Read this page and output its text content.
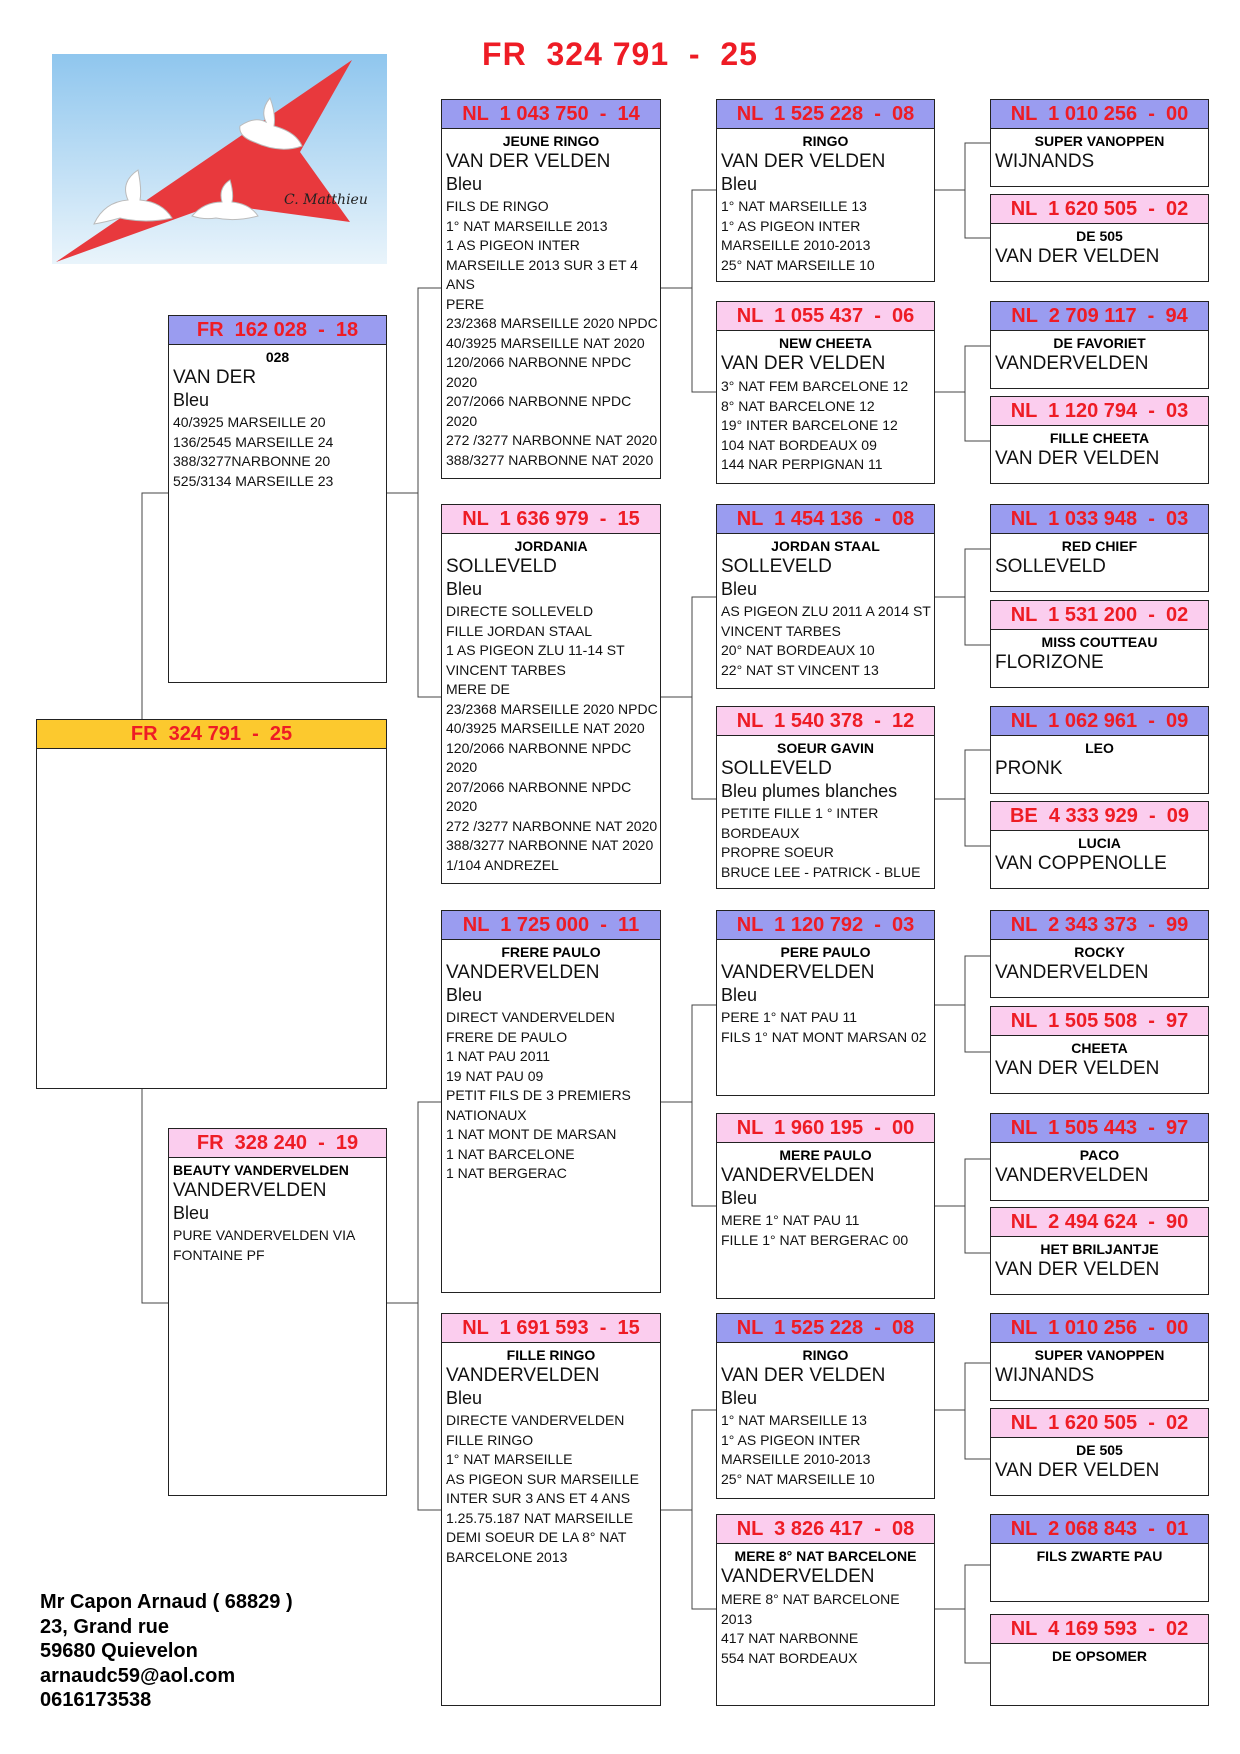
FR  324 791  -  25
C. Matthieu
FR  324 791  -  25
FR  162 028  -  18
028
VAN DER
Bleu
40/3925 MARSEILLE 20
136/2545 MARSEILLE 24
388/3277NARBONNE 20
525/3134 MARSEILLE 23
FR  328 240  -  19
BEAUTY VANDERVELDEN
VANDERVELDEN
Bleu
PURE VANDERVELDEN VIA
FONTAINE PF
NL  1 043 750  -  14
JEUNE RINGO
VAN DER VELDEN
Bleu
FILS DE RINGO
1° NAT MARSEILLE 2013
1 AS PIGEON INTER
MARSEILLE 2013 SUR 3 ET 4
ANS
PERE
23/2368 MARSEILLE 2020 NPDC
40/3925 MARSEILLE NAT 2020
120/2066 NARBONNE NPDC
2020
207/2066 NARBONNE NPDC
2020
272 /3277 NARBONNE NAT 2020
388/3277 NARBONNE NAT 2020
NL  1 636 979  -  15
JORDANIA
SOLLEVELD
Bleu
DIRECTE SOLLEVELD
FILLE JORDAN STAAL
1 AS PIGEON ZLU 11-14 ST
VINCENT TARBES
MERE DE
23/2368 MARSEILLE 2020 NPDC
40/3925 MARSEILLE NAT 2020
120/2066 NARBONNE NPDC
2020
207/2066 NARBONNE NPDC
2020
272 /3277 NARBONNE NAT 2020
388/3277 NARBONNE NAT 2020
1/104 ANDREZEL
NL  1 725 000  -  11
FRERE PAULO
VANDERVELDEN
Bleu
DIRECT VANDERVELDEN
FRERE DE PAULO
1 NAT PAU 2011
19 NAT PAU 09
PETIT FILS DE 3 PREMIERS
NATIONAUX
1 NAT MONT DE MARSAN
1 NAT BARCELONE
1 NAT BERGERAC
NL  1 691 593  -  15
FILLE RINGO
VANDERVELDEN
Bleu
DIRECTE VANDERVELDEN
FILLE RINGO
1° NAT MARSEILLE
AS PIGEON SUR MARSEILLE
INTER SUR 3 ANS ET 4 ANS
1.25.75.187 NAT MARSEILLE
DEMI SOEUR DE LA 8° NAT
BARCELONE 2013
NL  1 525 228  -  08
RINGO
VAN DER VELDEN
Bleu
1° NAT MARSEILLE 13
1° AS PIGEON INTER
MARSEILLE 2010-2013
25° NAT MARSEILLE 10
NL  1 055 437  -  06
NEW CHEETA
VAN DER VELDEN
3° NAT FEM BARCELONE 12
8° NAT BARCELONE 12
19° INTER BARCELONE 12
104 NAT BORDEAUX 09
144 NAR PERPIGNAN 11
NL  1 454 136  -  08
JORDAN STAAL
SOLLEVELD
Bleu
AS PIGEON ZLU 2011 A 2014 ST
VINCENT TARBES
20° NAT BORDEAUX 10
22° NAT ST VINCENT 13
NL  1 540 378  -  12
SOEUR GAVIN
SOLLEVELD
Bleu plumes blanches
PETITE FILLE 1 ° INTER
BORDEAUX
PROPRE SOEUR
BRUCE LEE - PATRICK - BLUE
NL  1 120 792  -  03
PERE PAULO
VANDERVELDEN
Bleu
PERE 1° NAT PAU 11
FILS 1° NAT MONT MARSAN 02
NL  1 960 195  -  00
MERE PAULO
VANDERVELDEN
Bleu
MERE 1° NAT PAU 11
FILLE 1° NAT BERGERAC 00
NL  1 525 228  -  08
RINGO
VAN DER VELDEN
Bleu
1° NAT MARSEILLE 13
1° AS PIGEON INTER
MARSEILLE 2010-2013
25° NAT MARSEILLE 10
NL  3 826 417  -  08
MERE 8° NAT BARCELONE
VANDERVELDEN
MERE 8° NAT BARCELONE
2013
417 NAT NARBONNE
554 NAT BORDEAUX
NL  1 010 256  -  00
SUPER VANOPPEN
WIJNANDS
NL  1 620 505  -  02
DE 505
VAN DER VELDEN
NL  2 709 117  -  94
DE FAVORIET
VANDERVELDEN
NL  1 120 794  -  03
FILLE CHEETA
VAN DER VELDEN
NL  1 033 948  -  03
RED CHIEF
SOLLEVELD
NL  1 531 200  -  02
MISS COUTTEAU
FLORIZONE
NL  1 062 961  -  09
LEO
PRONK
BE  4 333 929  -  09
LUCIA
VAN COPPENOLLE
NL  2 343 373  -  99
ROCKY
VANDERVELDEN
NL  1 505 508  -  97
CHEETA
VAN DER VELDEN
NL  1 505 443  -  97
PACO
VANDERVELDEN
NL  2 494 624  -  90
HET BRILJANTJE
VAN DER VELDEN
NL  1 010 256  -  00
SUPER VANOPPEN
WIJNANDS
NL  1 620 505  -  02
DE 505
VAN DER VELDEN
NL  2 068 843  -  01
FILS ZWARTE PAU
NL  4 169 593  -  02
DE OPSOMER
Mr Capon Arnaud ( 68829 )
23, Grand rue
59680 Quievelon
arnaudc59@aol.com
0616173538
